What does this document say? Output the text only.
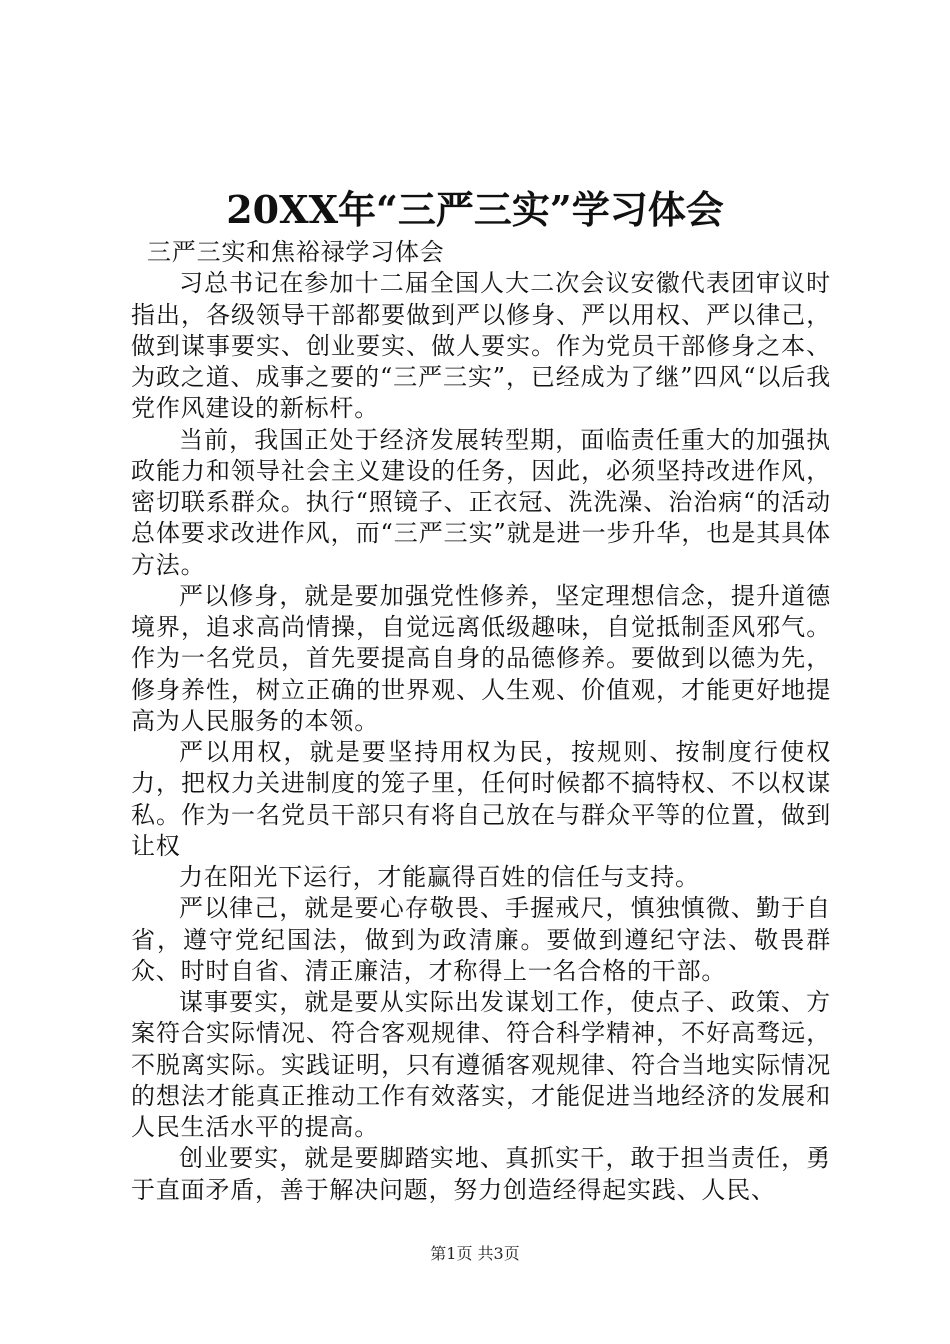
20XX年“三严三实”学习体会

三严三实和焦裕禄学习体会

习总书记在参加十二届全国人大二次会议安徽代表团审议时指出，各级领导干部都要做到严以修身、严以用权、严以律己，做到谋事要实、创业要实、做人要实。作为党员干部修身之本、为政之道、成事之要的“三严三实”，已经成为了继”四风“以后我党作风建设的新标杆。

当前，我国正处于经济发展转型期，面临责任重大的加强执政能力和领导社会主义建设的任务，因此，必须坚持改进作风，密切联系群众。执行“照镜子、正衣冠、洗洗澡、治治病“的活动总体要求改进作风，而“三严三实”就是进一步升华，也是其具体方法。

严以修身，就是要加强党性修养，坚定理想信念，提升道德境界，追求高尚情操，自觉远离低级趣味，自觉抵制歪风邪气。作为一名党员，首先要提高自身的品德修养。要做到以德为先，修身养性，树立正确的世界观、人生观、价值观，才能更好地提高为人民服务的本领。

严以用权，就是要坚持用权为民，按规则、按制度行使权力，把权力关进制度的笼子里，任何时候都不搞特权、不以权谋私。作为一名党员干部只有将自己放在与群众平等的位置，做到让权

力在阳光下运行，才能赢得百姓的信任与支持。

严以律己，就是要心存敬畏、手握戒尺，慎独慎微、勤于自省，遵守党纪国法，做到为政清廉。要做到遵纪守法、敬畏群众、时时自省、清正廉洁，才称得上一名合格的干部。

谋事要实，就是要从实际出发谋划工作，使点子、政策、方案符合实际情况、符合客观规律、符合科学精神，不好高骛远，不脱离实际。实践证明，只有遵循客观规律、符合当地实际情况的想法才能真正推动工作有效落实，才能促进当地经济的发展和人民生活水平的提高。

创业要实，就是要脚踏实地、真抓实干，敢于担当责任，勇于直面矛盾，善于解决问题，努力创造经得起实践、人民、

第1页 共3页
